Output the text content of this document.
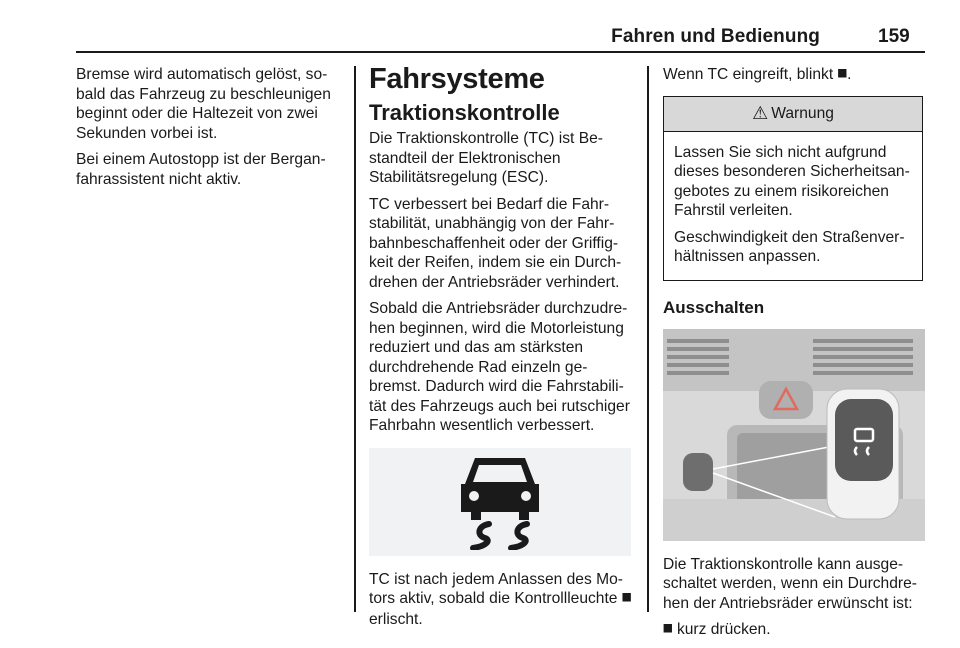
Fahren und Bedienung	159

Bremse wird automatisch gelöst, so-bald das Fahrzeug zu beschleunigen beginnt oder die Haltezeit von zwei Sekunden vorbei ist.

Bei einem Autostopp ist der Bergan-fahrassistent nicht aktiv.

Fahrsysteme
Traktionskontrolle

Die Traktionskontrolle (TC) ist Be-standteil der Elektronischen Stabilitätsregelung (ESC).

TC verbessert bei Bedarf die Fahr-stabilität, unabhängig von der Fahr-bahnbeschaffenheit oder der Griffig-keit der Reifen, indem sie ein Durch-drehen der Antriebsräder verhindert.

Sobald die Antriebsräder durchzudre-hen beginnen, wird die Motorleistung reduziert und das am stärksten durchdrehende Rad einzeln ge-bremst. Dadurch wird die Fahrstabili-tät des Fahrzeugs auch bei rutschiger Fahrbahn wesentlich verbessert.

TC ist nach jedem Anlassen des Mo-tors aktiv, sobald die Kontrollleuchte ⯀ erlischt.

Wenn TC eingreift, blinkt ⯀.

⚠ Warnung

Lassen Sie sich nicht aufgrund dieses besonderen Sicherheitsan-gebotes zu einem risikoreichen Fahrstil verleiten.

Geschwindigkeit den Straßenver-hältnissen anpassen.

Ausschalten

Die Traktionskontrolle kann ausge-schaltet werden, wenn ein Durchdre-hen der Antriebsräder erwünscht ist:

⯀ kurz drücken.
